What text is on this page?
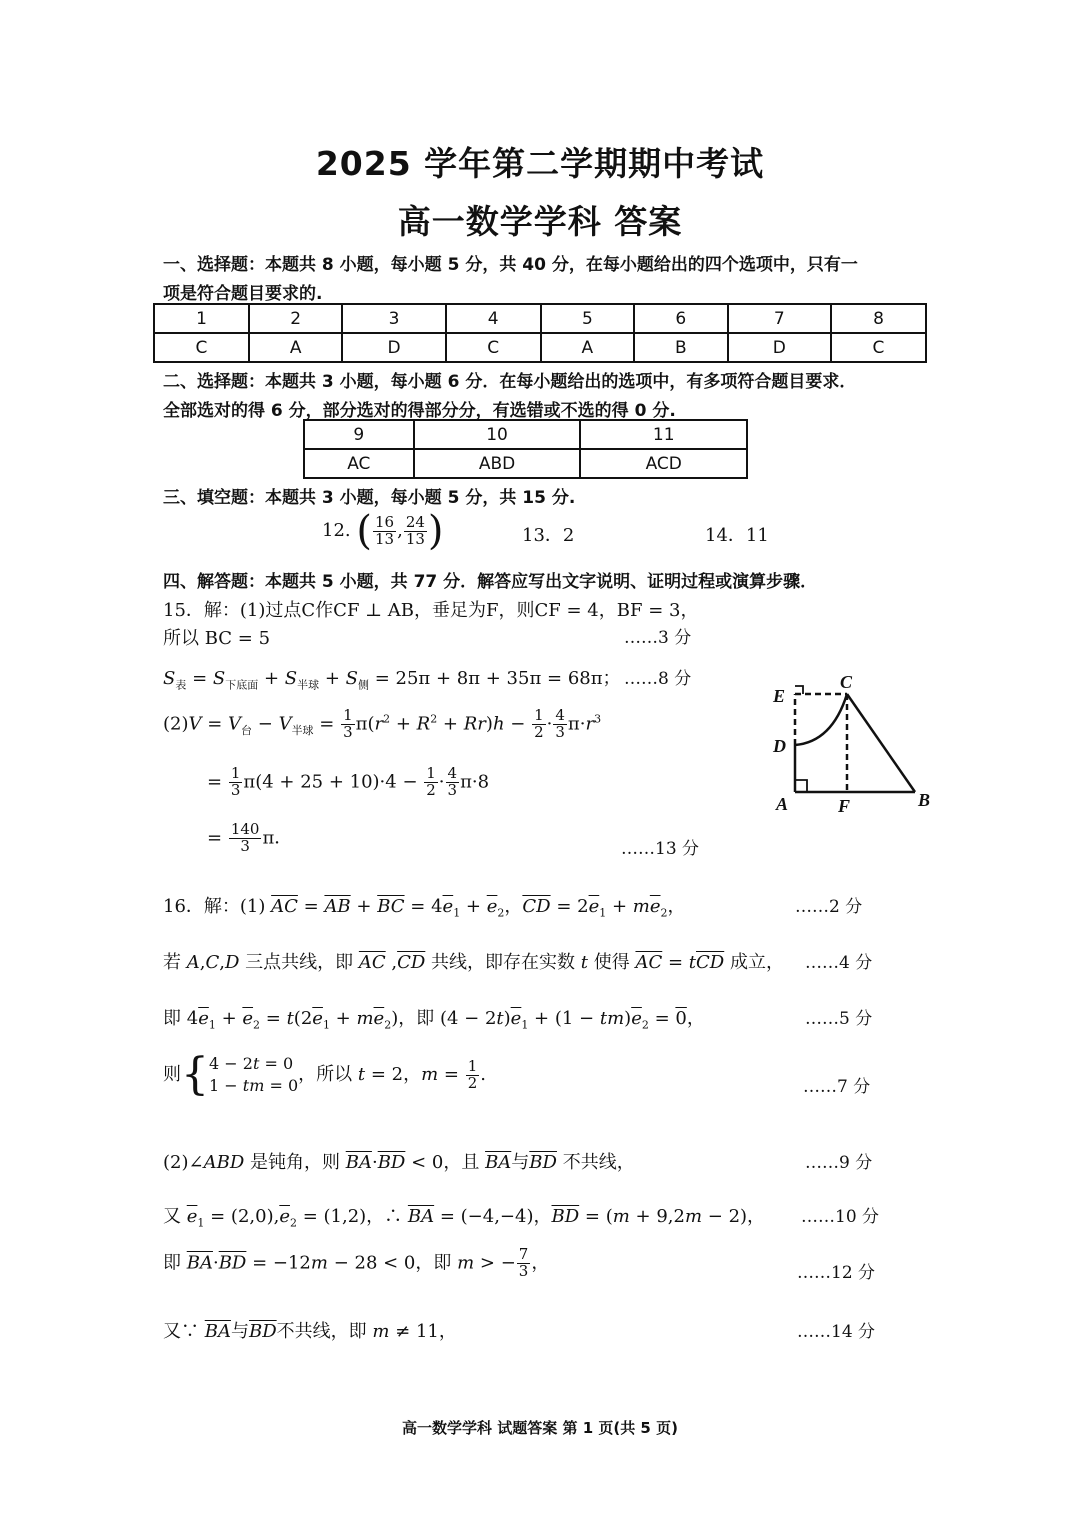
2025 学年第二学期期中考试
高一数学学科 答案
一、选择题：本题共 8 小题，每小题 5 分，共 40 分，在每小题给出的四个选项中，只有一
项是符合题目要求的.
1	2	3	4	5	6	7	8
C	A	D	C	A	B	D	C
二、选择题：本题共 3 小题，每小题 6 分．在每小题给出的选项中，有多项符合题目要求．
全部选对的得 6 分，部分选对的得部分分，有选错或不选的得 0 分.
9	10	11
AC	ABD	ACD
三、填空题：本题共 3 小题，每小题 5 分，共 15 分.
12. ( $\frac{16}{13}$ , $\frac{24}{13}$ )	13．2	14．11
四、解答题：本题共 5 小题，共 77 分．解答应写出文字说明、证明过程或演算步骤．
15．解：(1)过点C作CF ⊥ AB，垂足为F，则CF = 4，BF = 3，
所以 BC = 5	……3 分
$S_表 = S_{下底面} + S_{半球} + S_侧 = 25\pi + 8\pi + 35\pi = 68\pi$； ……8 分
$(2)V = V_台 - V_{半球} = \frac{1}{3} \pi(r^2 + R^2 + Rr)h - \frac{1}{2} \cdot \frac{4}{3} \pi\cdot r^3$
= $\frac{1}{3} \pi(4 + 25 + 10)\cdot 4 - \frac{1}{2} \cdot \frac{4}{3} \pi\cdot 8$
= $\frac{140}{3}$ π．
……13 分
E
C
D
A	F	B
16．解：(1) $\overline{AC} = \overline{AB} + \overline{BC} = 4\overline{e}_1 + \overline{e}_2$，$\overline{CD} = 2\overline{e}_1 + m\overline{e}_2$，	……2 分
若 A,C,D 三点共线，即 $\overline{AC}$ $,\overline{CD}$ 共线，即存在实数 t 使得 $\overline{AC} = t\overline{CD}$ 成立， ……4 分
即 $4\overline{e}_1 + \overline{e}_2 = t(2\overline{e}_1 + m\overline{e}_2)$，即 $(4 - 2t)\overline{e}_1 + (1 - tm)\overline{e}_2 = 0$，	……5 分
则{4 − 2t = 0
1 − tm = 0，所以 t = 2，$m = \frac{1}{2}$ .
……7 分
(2)∠ABD 是钝角，则 $\overline{BA}\cdot\overline{BD} < 0$，且 $\overline{BA}$与$\overline{BD}$ 不共线，	……9 分
又 $\overline{e}_1 = (2,0),\overline{e}_2 = (1,2)$，∴ $\overline{BA} = (-4,-4)$，$\overline{BD} = (m + 9,2m - 2)$， ……10 分
即 $\overline{BA}\cdot\overline{BD} = -12m - 28 < 0$，即 m > − $\frac{7}{3}$ ，	……12 分
又∵ $\overline{BA}$与$\overline{BD}$不共线，即 m ≠ 11，	……14 分
高一数学学科 试题答案 第 1 页(共 5 页)
